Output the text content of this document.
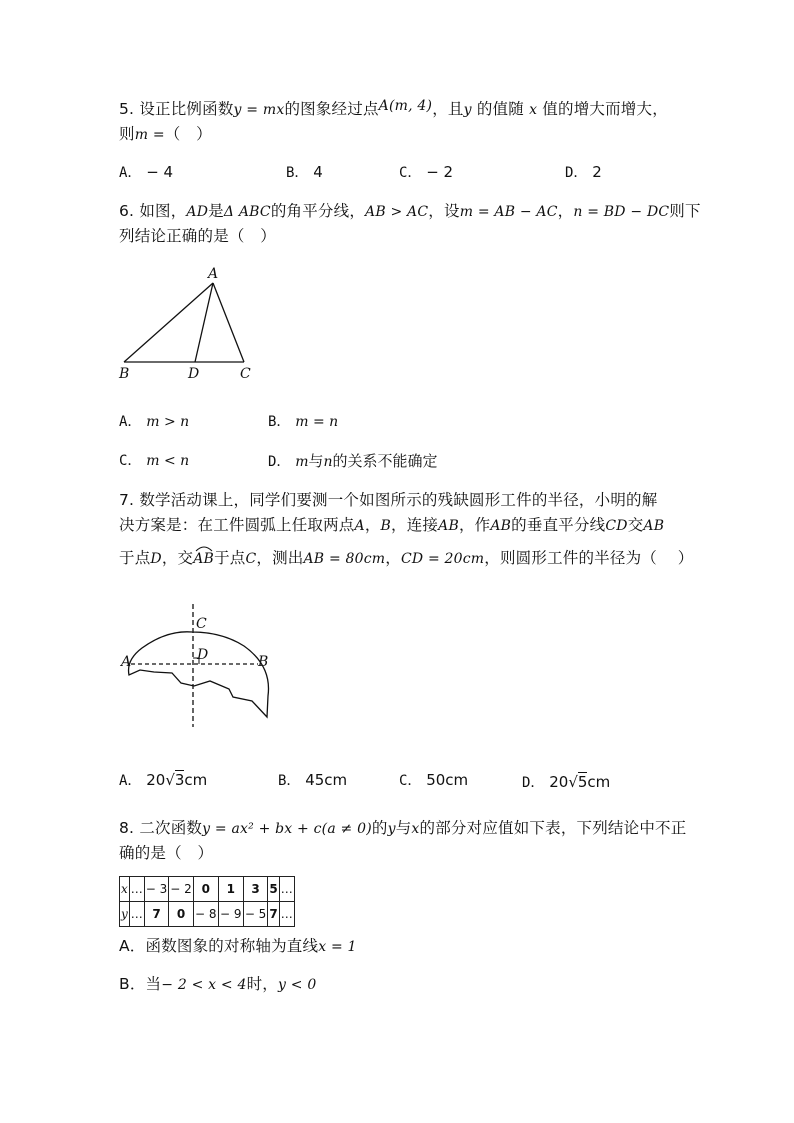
5. 设正比例函数y = mx的图象经过点A(m, 4)，且y 的值随 x 值的增大而增大，
则m =（　）
A． − 4	B． 4	C． − 2	D． 2
6. 如图，AD是Δ ABC的角平分线，AB > AC，设m = AB − AC，n = BD − DC则下
列结论正确的是（　）
A
B	D	C
A． m > n	B． m = n
C． m < n	D． m与n的关系不能确定
7. 数学活动课上，同学们要测一个如图所示的残缺圆形工件的半径，小明的解
决方案是：在工件圆弧上任取两点A，B，连接AB，作AB的垂直平分线CD交AB
于点D，交AB
于点C，测出AB = 80cm，CD = 20cm，则圆形工件的半径为（　 ）
C
D
A	B
A． 20√3cm	B． 45cm	C． 50cm	D． 20√5cm
8. 二次函数y = ax² + bx + c(a ≠ 0)的y与x的部分对应值如下表，下列结论中不正
确的是（　）
x	…	− 3	− 2	0	1	3	5	…
y	…	7	0	− 8	− 9	− 5	7	…
A．函数图象的对称轴为直线x = 1
B．当− 2 < x < 4时，y < 0
